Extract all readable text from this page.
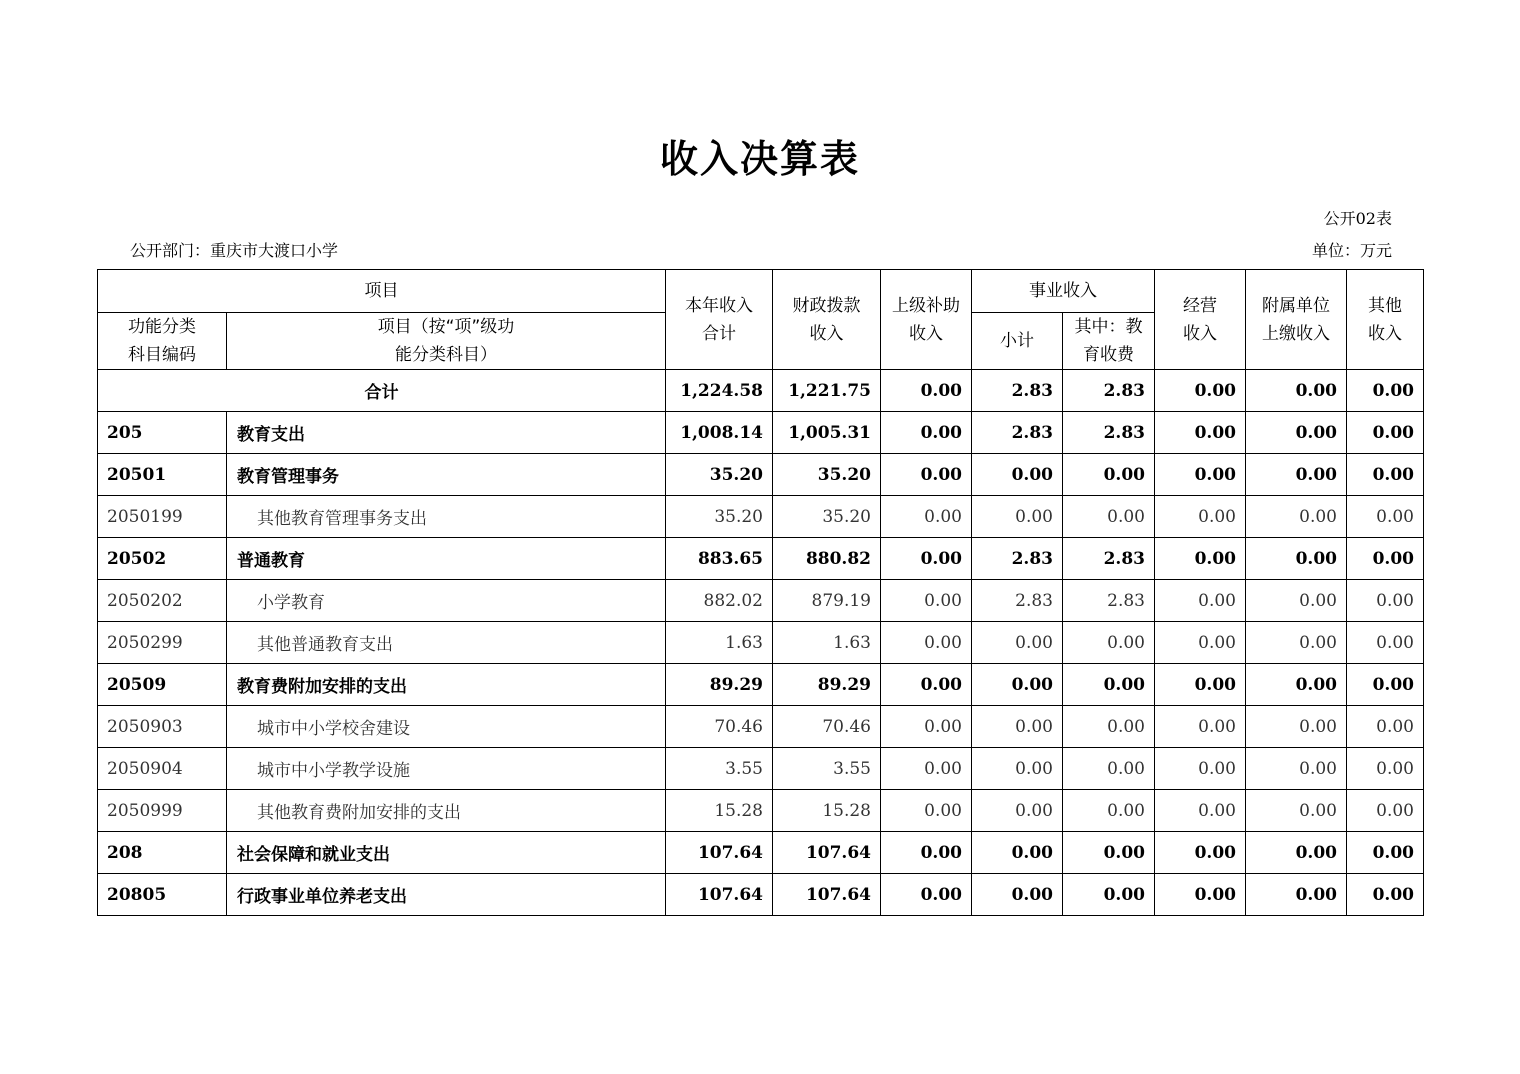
收入决算表
公开02表
公开部门：重庆市大渡口小学	单位：万元
项目		本年收入合计	财政拨款收入	上级补助收入	事业收入		经营收入	附属单位上缴收入	其他收入

功能分类科目编码	项目（按“项”级功能分类科目）				小计	其中：教育收费			

合计		1,224.58	1,221.75	0.00	2.83	2.83	0.00	0.00	0.00
205	教育支出	1,008.14	1,005.31	0.00	2.83	2.83	0.00	0.00	0.00
20501	教育管理事务	35.20	35.20	0.00	0.00	0.00	0.00	0.00	0.00
2050199	其他教育管理事务支出	35.20	35.20	0.00	0.00	0.00	0.00	0.00	0.00
20502	普通教育	883.65	880.82	0.00	2.83	2.83	0.00	0.00	0.00
2050202	小学教育	882.02	879.19	0.00	2.83	2.83	0.00	0.00	0.00
2050299	其他普通教育支出	1.63	1.63	0.00	0.00	0.00	0.00	0.00	0.00
20509	教育费附加安排的支出	89.29	89.29	0.00	0.00	0.00	0.00	0.00	0.00
2050903	城市中小学校舍建设	70.46	70.46	0.00	0.00	0.00	0.00	0.00	0.00
2050904	城市中小学教学设施	3.55	3.55	0.00	0.00	0.00	0.00	0.00	0.00
2050999	其他教育费附加安排的支出	15.28	15.28	0.00	0.00	0.00	0.00	0.00	0.00
208	社会保障和就业支出	107.64	107.64	0.00	0.00	0.00	0.00	0.00	0.00
20805	行政事业单位养老支出	107.64	107.64	0.00	0.00	0.00	0.00	0.00	0.00
